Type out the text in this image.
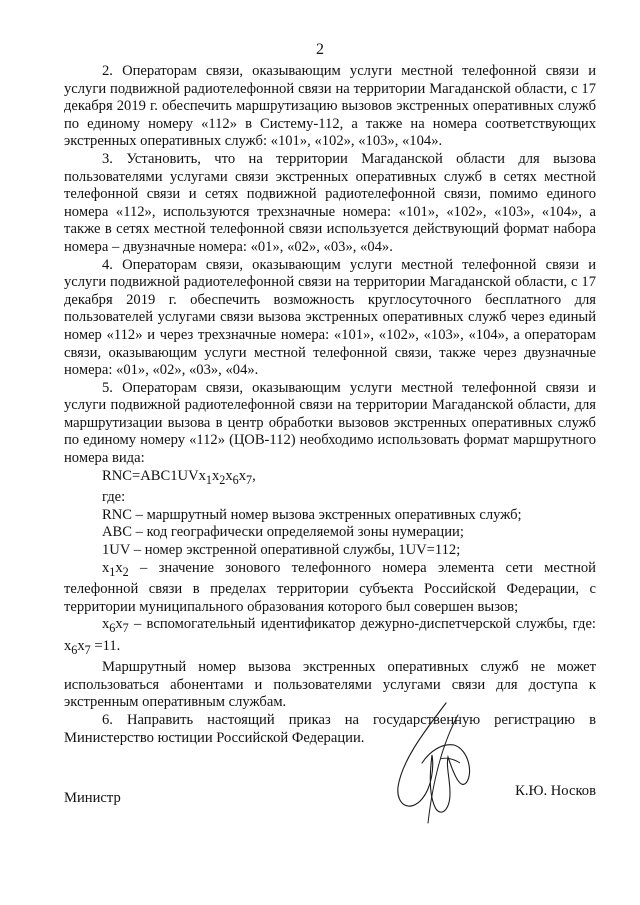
2

2. Операторам связи, оказывающим услуги местной телефонной связи и услуги подвижной радиотелефонной связи на территории Магаданской области, с 17 декабря 2019 г. обеспечить маршрутизацию вызовов экстренных оперативных служб по единому номеру «112» в Систему-112, а также на номера соответствующих экстренных оперативных служб: «101», «102», «103», «104».

3. Установить, что на территории Магаданской области для вызова пользователями услугами связи экстренных оперативных служб в сетях местной телефонной связи и сетях подвижной радиотелефонной связи, помимо единого номера «112», используются трехзначные номера: «101», «102», «103», «104», а также в сетях местной телефонной связи используется действующий формат набора номера – двузначные номера: «01», «02», «03», «04».

4. Операторам связи, оказывающим услуги местной телефонной связи и услуги подвижной радиотелефонной связи на территории Магаданской области, с 17 декабря 2019 г. обеспечить возможность круглосуточного бесплатного для пользователей услугами связи вызова экстренных оперативных служб через единый номер «112» и через трехзначные номера: «101», «102», «103», «104», а операторам связи, оказывающим услуги местной телефонной связи, также через двузначные номера: «01», «02», «03», «04».

5. Операторам связи, оказывающим услуги местной телефонной связи и услуги подвижной радиотелефонной связи на территории Магаданской области, для маршрутизации вызова в центр обработки вызовов экстренных оперативных служб по единому номеру «112» (ЦОВ-112) необходимо использовать формат маршрутного номера вида:

$RNC=ABC1UVx_1x_2x_6x_7$,

где:

RNC – маршрутный номер вызова экстренных оперативных служб;

ABC – код географически определяемой зоны нумерации;

1UV – номер экстренной оперативной службы, 1UV=112;

$x_1x_2$ – значение зонового телефонного номера элемента сети местной телефонной связи в пределах территории субъекта Российской Федерации, с территории муниципального образования которого был совершен вызов;

$x_6x_7$ – вспомогательный идентификатор дежурно-диспетчерской службы, где: $x_6x_7 =11$.

Маршрутный номер вызова экстренных оперативных служб не может использоваться абонентами и пользователями услугами связи для доступа к экстренным оперативным службам.

6. Направить настоящий приказ на государственную регистрацию в Министерство юстиции Российской Федерации.

Министр	К.Ю. Носков
